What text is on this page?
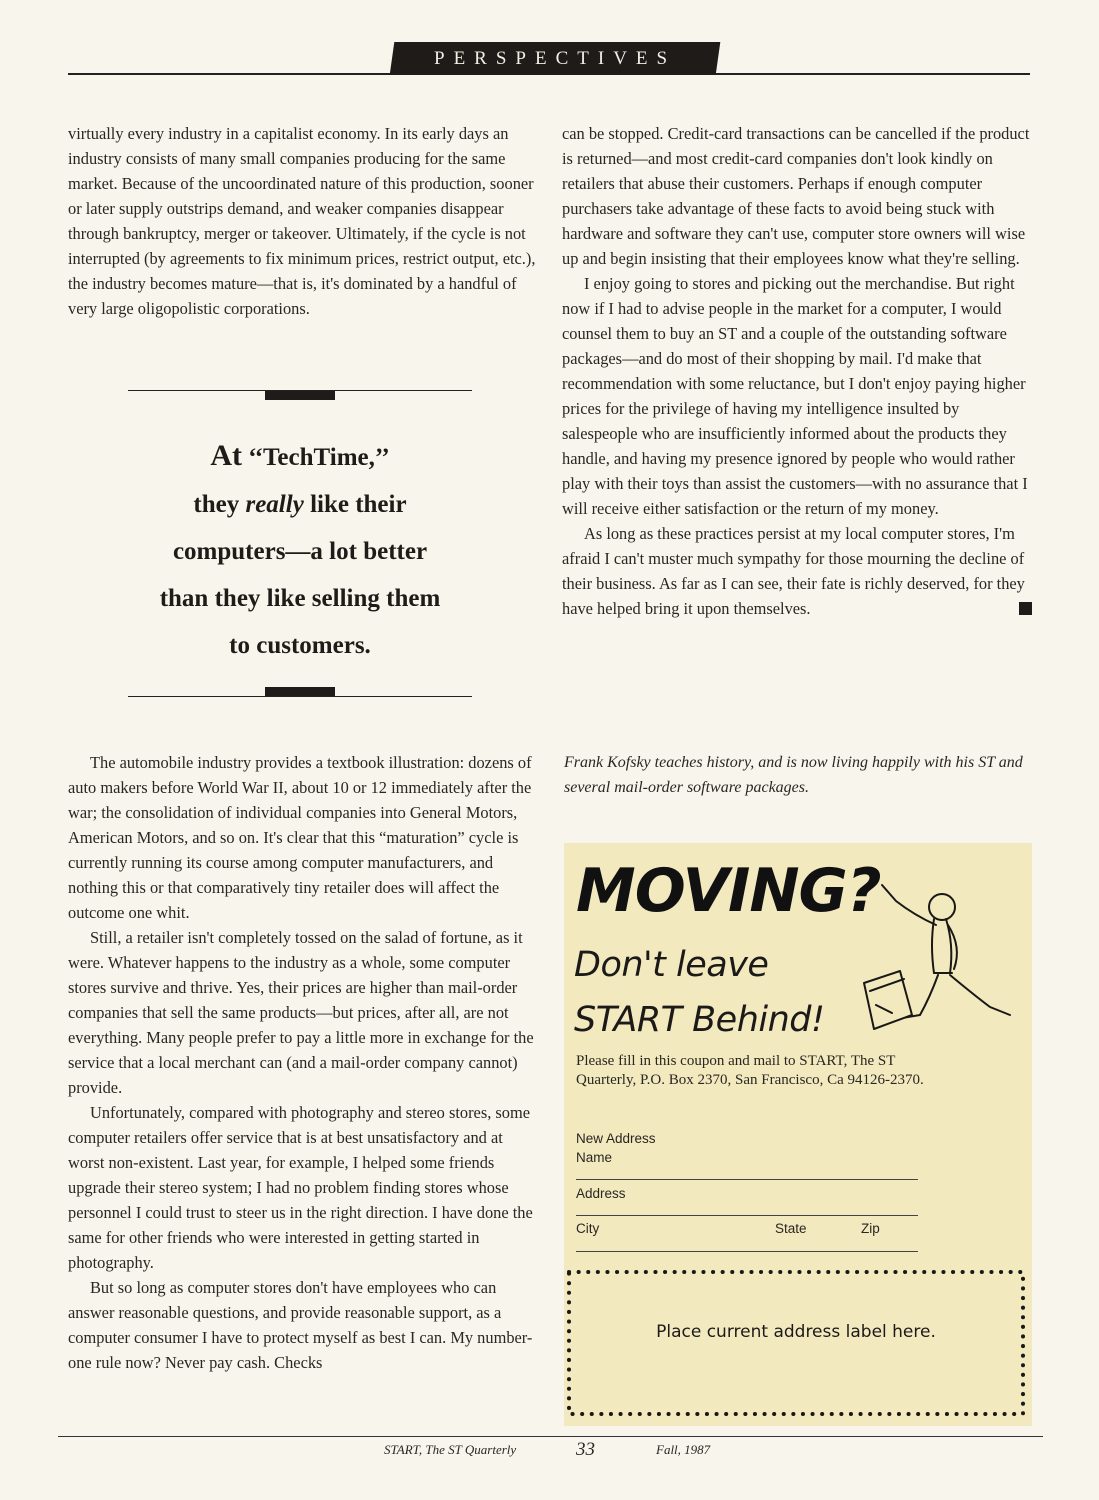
PERSPECTIVES

virtually every industry in a capitalist economy. In its early days an industry consists of many small companies producing for the same market. Because of the uncoordinated nature of this production, sooner or later supply outstrips demand, and weaker companies disappear through bankruptcy, merger or takeover. Ultimately, if the cycle is not interrupted (by agreements to fix minimum prices, restrict output, etc.), the industry becomes mature—that is, it's dominated by a handful of very large oligopolistic corporations.

At ‘‘TechTime,’’
they really like their
computers—a lot better
than they like selling them
to customers.

The automobile industry provides a textbook illustration: dozens of auto makers before World War II, about 10 or 12 immediately after the war; the consolidation of individual companies into General Motors, American Motors, and so on. It's clear that this “maturation” cycle is currently running its course among computer manufacturers, and nothing this or that comparatively tiny retailer does will affect the outcome one whit.

Still, a retailer isn't completely tossed on the salad of fortune, as it were. Whatever happens to the industry as a whole, some computer stores survive and thrive. Yes, their prices are higher than mail-order companies that sell the same products—but prices, after all, are not everything. Many people prefer to pay a little more in exchange for the service that a local merchant can (and a mail-order company cannot) provide.

Unfortunately, compared with photography and stereo stores, some computer retailers offer service that is at best unsatisfactory and at worst non-existent. Last year, for example, I helped some friends upgrade their stereo system; I had no problem finding stores whose personnel I could trust to steer us in the right direction. I have done the same for other friends who were interested in getting started in photography.

But so long as computer stores don't have employees who can answer reasonable questions, and provide reasonable support, as a computer consumer I have to protect myself as best I can. My number-one rule now? Never pay cash. Checks

can be stopped. Credit-card transactions can be cancelled if the product is returned—and most credit-card companies don't look kindly on retailers that abuse their customers. Perhaps if enough computer purchasers take advantage of these facts to avoid being stuck with hardware and software they can't use, computer store owners will wise up and begin insisting that their employees know what they're selling.

I enjoy going to stores and picking out the merchandise. But right now if I had to advise people in the market for a computer, I would counsel them to buy an ST and a couple of the outstanding software packages—and do most of their shopping by mail. I'd make that recommendation with some reluctance, but I don't enjoy paying higher prices for the privilege of having my intelligence insulted by salespeople who are insufficiently informed about the products they handle, and having my presence ignored by people who would rather play with their toys than assist the customers—with no assurance that I will receive either satisfaction or the return of my money.

As long as these practices persist at my local computer stores, I'm afraid I can't muster much sympathy for those mourning the decline of their business. As far as I can see, their fate is richly deserved, for they have helped bring it upon themselves.

Frank Kofsky teaches history, and is now living happily with his ST and several mail-order software packages.
MOVING?
Don't leave
START Behind!
Please fill in this coupon and mail to START, The ST Quarterly, P.O. Box 2370, San Francisco, Ca 94126-2370.
New Address
Name
Address
City	State	Zip
Place current address label here.
START, The ST Quarterly	33	Fall, 1987
